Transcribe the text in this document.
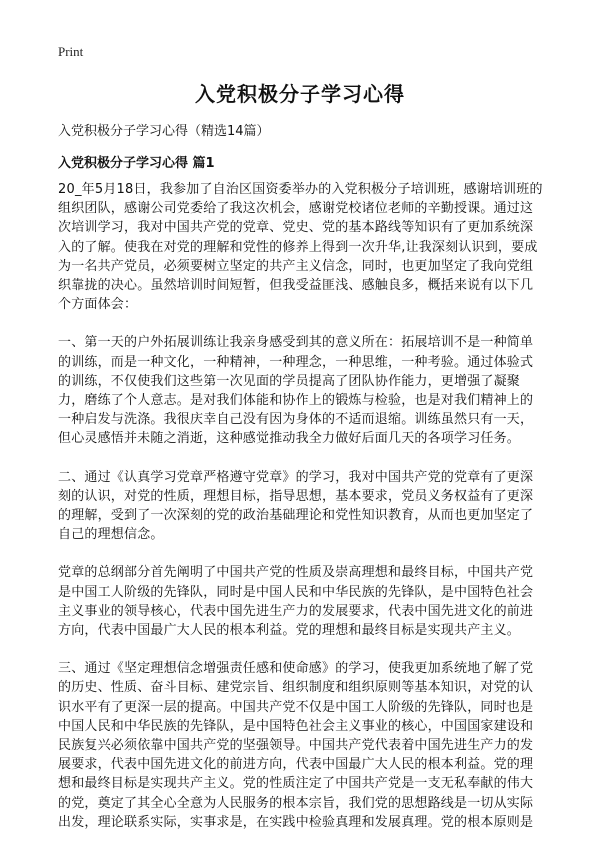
Print
入党积极分子学习心得
入党积极分子学习心得（精选14篇）
入党积极分子学习心得 篇1

20_年5月18日，我参加了自治区国资委举办的入党积极分子培训班，感谢培训班的组织团队，感谢公司党委给了我这次机会，感谢党校诸位老师的辛勤授课。通过这次培训学习，我对中国共产党的党章、党史、党的基本路线等知识有了更加系统深入的了解。使我在对党的理解和党性的修养上得到一次升华,让我深刻认识到，要成为一名共产党员，必须要树立坚定的共产主义信念，同时，也更加坚定了我向党组织靠拢的决心。虽然培训时间短暂，但我受益匪浅、感触良多，概括来说有以下几个方面体会：

一、第一天的户外拓展训练让我亲身感受到其的意义所在：拓展培训不是一种简单的训练，而是一种文化，一种精神，一种理念，一种思维，一种考验。通过体验式的训练，不仅使我们这些第一次见面的学员提高了团队协作能力，更增强了凝聚力，磨练了个人意志。是对我们体能和协作上的锻炼与检验，也是对我们精神上的一种启发与洗涤。我很庆幸自己没有因为身体的不适而退缩。训练虽然只有一天，但心灵感悟并未随之消逝，这种感觉推动我全力做好后面几天的各项学习任务。

二、通过《认真学习党章严格遵守党章》的学习，我对中国共产党的党章有了更深刻的认识，对党的性质，理想目标，指导思想，基本要求，党员义务权益有了更深的理解，受到了一次深刻的党的政治基础理论和党性知识教育，从而也更加坚定了自己的理想信念。

党章的总纲部分首先阐明了中国共产党的性质及崇高理想和最终目标，中国共产党是中国工人阶级的先锋队，同时是中国人民和中华民族的先锋队，是中国特色社会主义事业的领导核心，代表中国先进生产力的发展要求，代表中国先进文化的前进方向，代表中国最广大人民的根本利益。党的理想和最终目标是实现共产主义。

三、通过《坚定理想信念增强责任感和使命感》的学习，使我更加系统地了解了党的历史、性质、奋斗目标、建党宗旨、组织制度和组织原则等基本知识，对党的认识水平有了更深一层的提高。中国共产党不仅是中国工人阶级的先锋队，同时也是中国人民和中华民族的先锋队，是中国特色社会主义事业的核心，中国国家建设和民族复兴必须依靠中国共产党的坚强领导。中国共产党代表着中国先进生产力的发展要求，代表中国先进文化的前进方向，代表中国最广大人民的根本利益。党的理想和最终目标是实现共产主义。党的性质注定了中国共产党是一支无私奉献的伟大的党，奠定了其全心全意为人民服务的根本宗旨，我们党的思想路线是一切从实际出发，理论联系实际，实事求是，在实践中检验真理和发展真理。党的根本原则是
